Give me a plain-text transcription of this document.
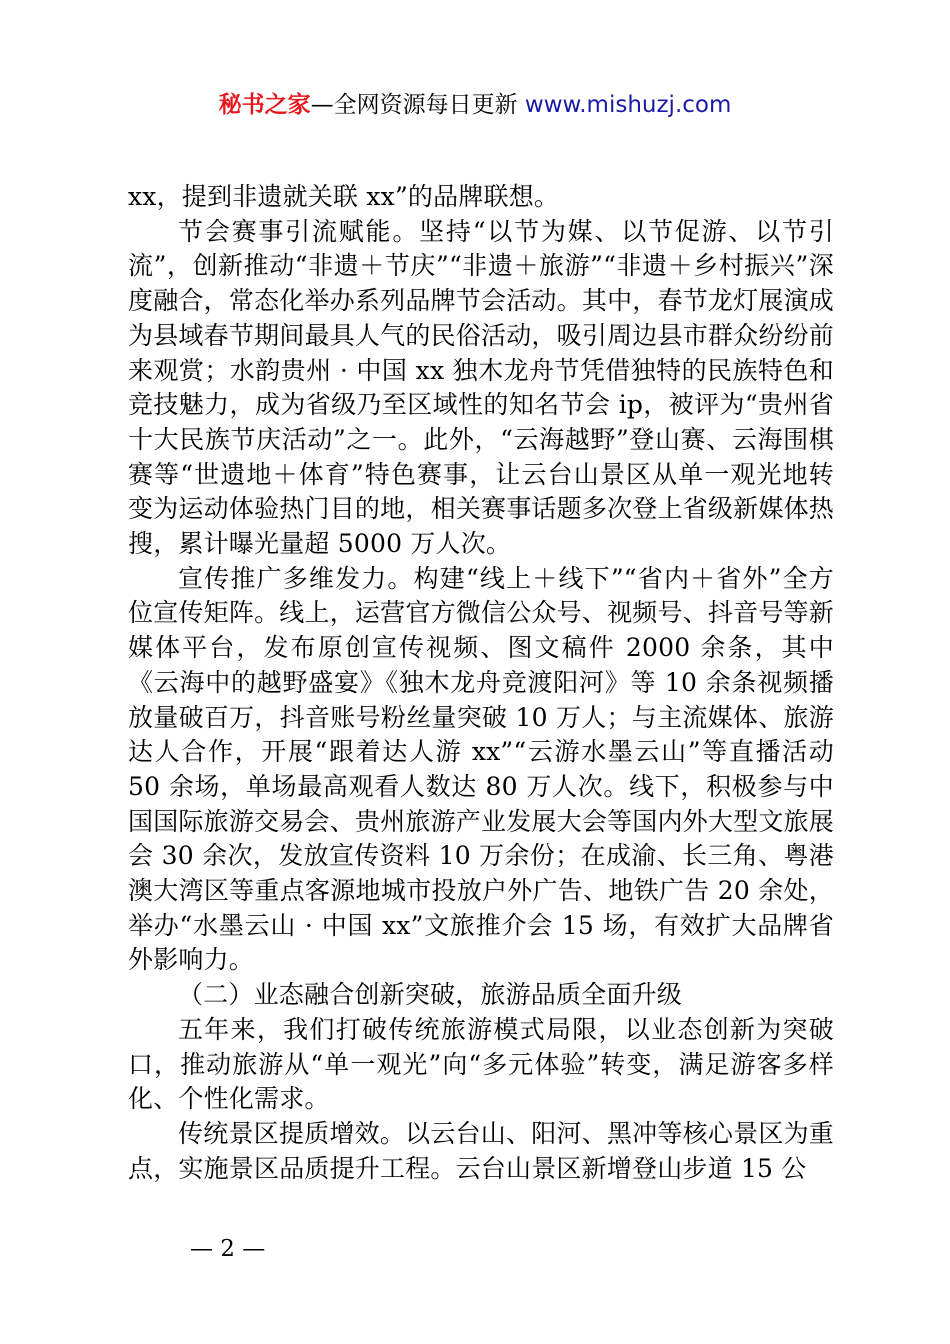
秘书之家—全网资源每日更新 www.mishuzj.com

xx，提到非遗就关联 xx”的品牌联想。

节会赛事引流赋能。坚持“以节为媒、以节促游、以节引流”，创新推动“非遗＋节庆”“非遗＋旅游”“非遗＋乡村振兴”深度融合，常态化举办系列品牌节会活动。其中，春节龙灯展演成为县域春节期间最具人气的民俗活动，吸引周边县市群众纷纷前来观赏；水韵贵州 · 中国 xx 独木龙舟节凭借独特的民族特色和竞技魅力，成为省级乃至区域性的知名节会 ip，被评为“贵州省十大民族节庆活动”之一。此外，“云海越野”登山赛、云海围棋赛等“世遗地＋体育”特色赛事，让云台山景区从单一观光地转变为运动体验热门目的地，相关赛事话题多次登上省级新媒体热搜，累计曝光量超 5000 万人次。

宣传推广多维发力。构建“线上＋线下”“省内＋省外”全方位宣传矩阵。线上，运营官方微信公众号、视频号、抖音号等新媒体平台，发布原创宣传视频、图文稿件 2000 余条，其中《云海中的越野盛宴》《独木龙舟竞渡阳河》等 10 余条视频播放量破百万，抖音账号粉丝量突破 10 万人；与主流媒体、旅游达人合作，开展“跟着达人游 xx”“云游水墨云山”等直播活动 50 余场，单场最高观看人数达 80 万人次。线下，积极参与中国国际旅游交易会、贵州旅游产业发展大会等国内外大型文旅展会 30 余次，发放宣传资料 10 万余份；在成渝、长三角、粤港澳大湾区等重点客源地城市投放户外广告、地铁广告 20 余处，举办“水墨云山 · 中国 xx”文旅推介会 15 场，有效扩大品牌省外影响力。

（二）业态融合创新突破，旅游品质全面升级

五年来，我们打破传统旅游模式局限，以业态创新为突破口，推动旅游从“单一观光”向“多元体验”转变，满足游客多样化、个性化需求。

传统景区提质增效。以云台山、阳河、黑冲等核心景区为重点，实施景区品质提升工程。云台山景区新增登山步道 15 公

— 2 —
